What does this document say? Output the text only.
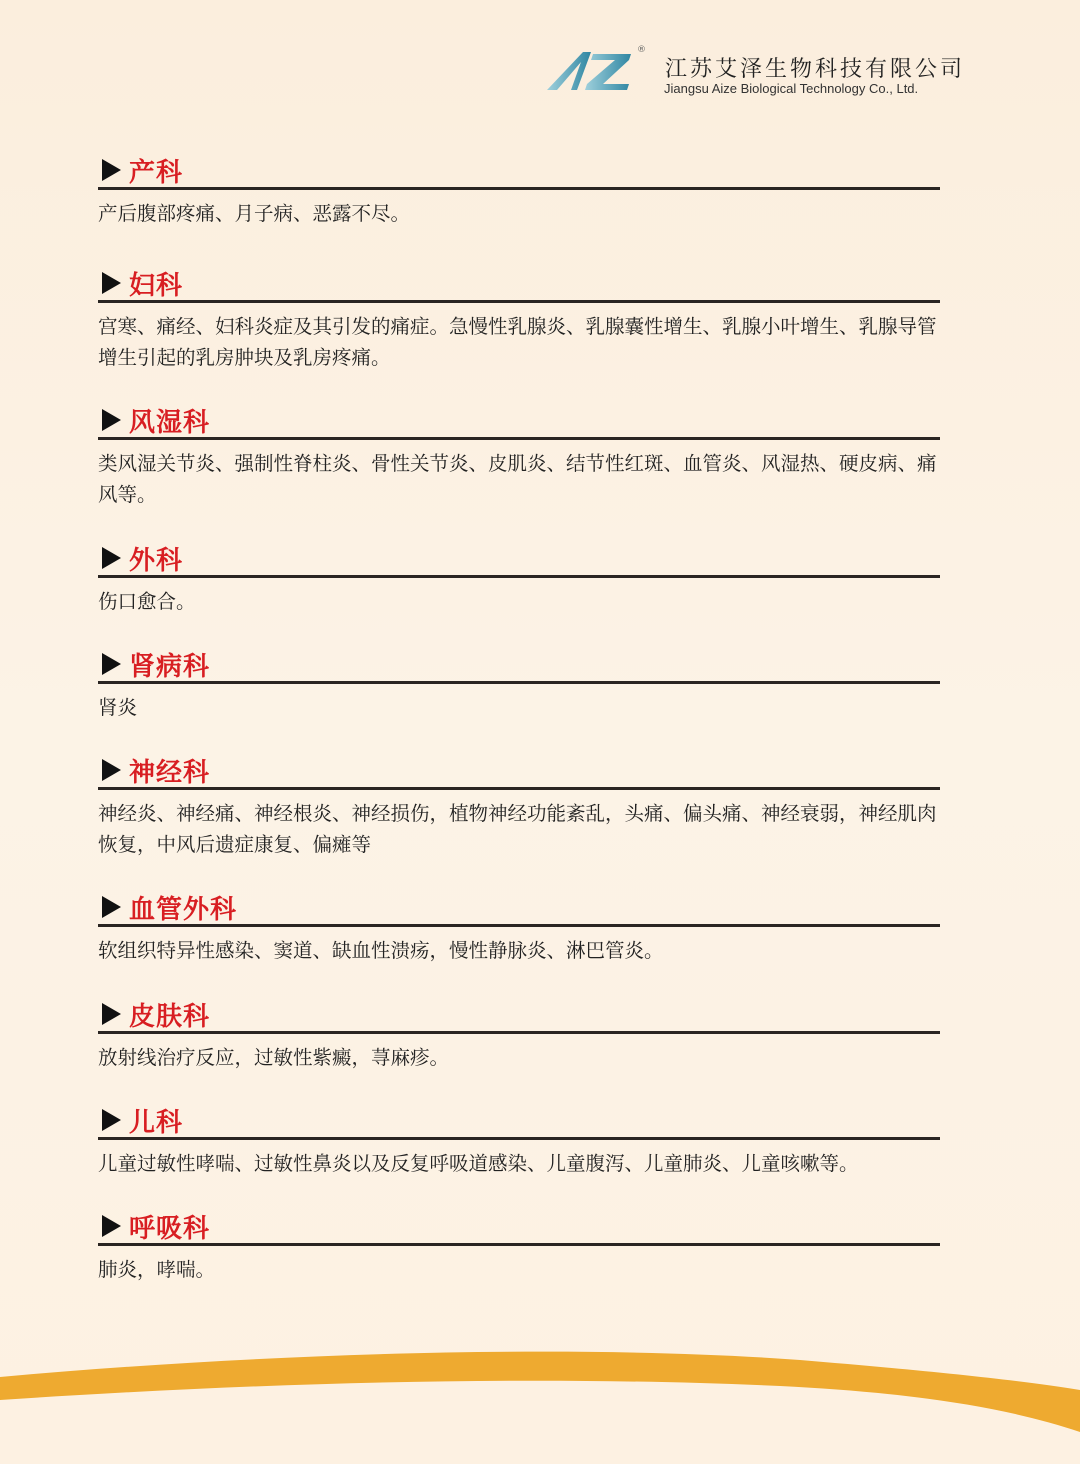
®
江苏艾泽生物科技有限公司
Jiangsu Aize Biological Technology Co., Ltd.
产科
产后腹部疼痛、月子病、恶露不尽。
妇科
宫寒、痛经、妇科炎症及其引发的痛症。急慢性乳腺炎、乳腺囊性增生、乳腺小叶增生、乳腺导管增生引起的乳房肿块及乳房疼痛。
风湿科
类风湿关节炎、强制性脊柱炎、骨性关节炎、皮肌炎、结节性红斑、血管炎、风湿热、硬皮病、痛风等。
外科
伤口愈合。
肾病科
肾炎
神经科
神经炎、神经痛、神经根炎、神经损伤，植物神经功能紊乱，头痛、偏头痛、神经衰弱，神经肌肉恢复，中风后遗症康复、偏瘫等
血管外科
软组织特异性感染、窦道、缺血性溃疡，慢性静脉炎、淋巴管炎。
皮肤科
放射线治疗反应，过敏性紫癜，荨麻疹。
儿科
儿童过敏性哮喘、过敏性鼻炎以及反复呼吸道感染、儿童腹泻、儿童肺炎、儿童咳嗽等。
呼吸科
肺炎，哮喘。
